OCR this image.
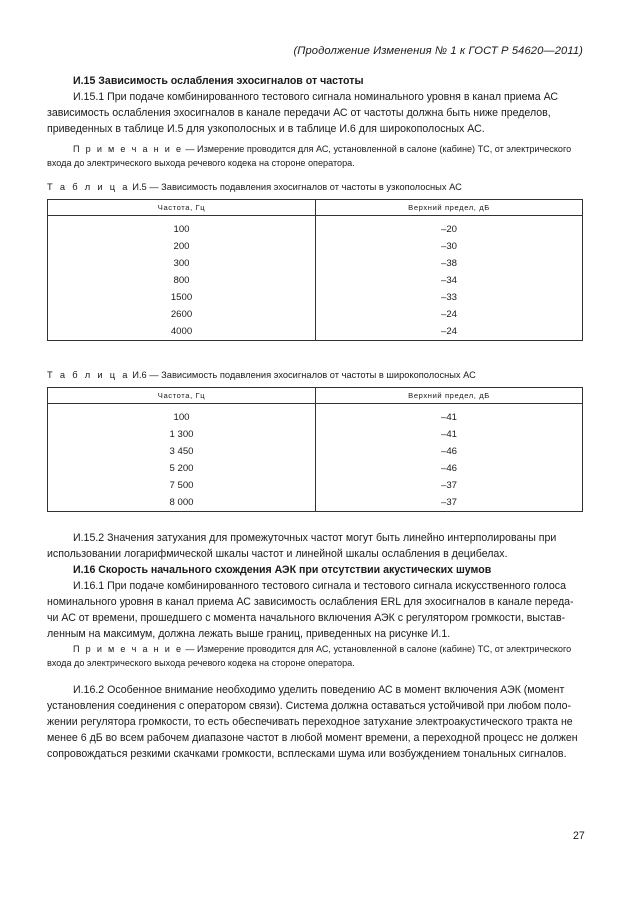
(Продолжение Изменения № 1 к ГОСТ Р 54620—2011)

И.15 Зависимость ослабления эхосигналов от частоты

И.15.1 При подаче комбинированного тестового сигнала номинального уровня в канал приема АС

зависимость ослабления эхосигналов в канале передачи АС от частоты должна быть ниже пределов,

приведенных в таблице И.5 для узкополосных и в таблице И.6 для широкополосных АС.

П р и м е ч а н и е — Измерение проводится для АС, установленной в салоне (кабине) ТС, от электрического

входа до электрического выхода речевого кодека на стороне оператора.

Т а б л и ц а И.5 — Зависимость подавления эхосигналов от частоты в узкополосных АС

Частота, Гц	Верхний предел, дБ

100	–20
200	–30
300	–38
800	–34
1500	–33
2600	–24
4000	–24

Т а б л и ц а И.6 — Зависимость подавления эхосигналов от частоты в широкополосных АС

Частота, Гц	Верхний предел, дБ

100	–41
1 300	–41
3 450	–46
5 200	–46
7 500	–37
8 000	–37

И.15.2 Значения затухания для промежуточных частот могут быть линейно интерполированы при

использовании логарифмической шкалы частот и линейной шкалы ослабления в децибелах.

И.16 Скорость начального схождения АЭК при отсутствии акустических шумов

И.16.1 При подаче комбинированного тестового сигнала и тестового сигнала искусственного голоса

номинального уровня в канал приема АС зависимость ослабления ERL для эхосигналов в канале переда-

чи АС от времени, прошедшего с момента начального включения АЭК с регулятором громкости, выстав-

ленным на максимум, должна лежать выше границ, приведенных на рисунке И.1.

П р и м е ч а н и е — Измерение проводится для АС, установленной в салоне (кабине) ТС, от электрического

входа до электрического выхода речевого кодека на стороне оператора.

И.16.2 Особенное внимание необходимо уделить поведению АС в момент включения АЭК (момент

установления соединения с оператором связи). Система должна оставаться устойчивой при любом поло-

жении регулятора громкости, то есть обеспечивать переходное затухание электроакустического тракта не

менее 6 дБ во всем рабочем диапазоне частот в любой момент времени, а переходной процесс не должен

сопровождаться резкими скачками громкости, всплесками шума или возбуждением тональных сигналов.

27
